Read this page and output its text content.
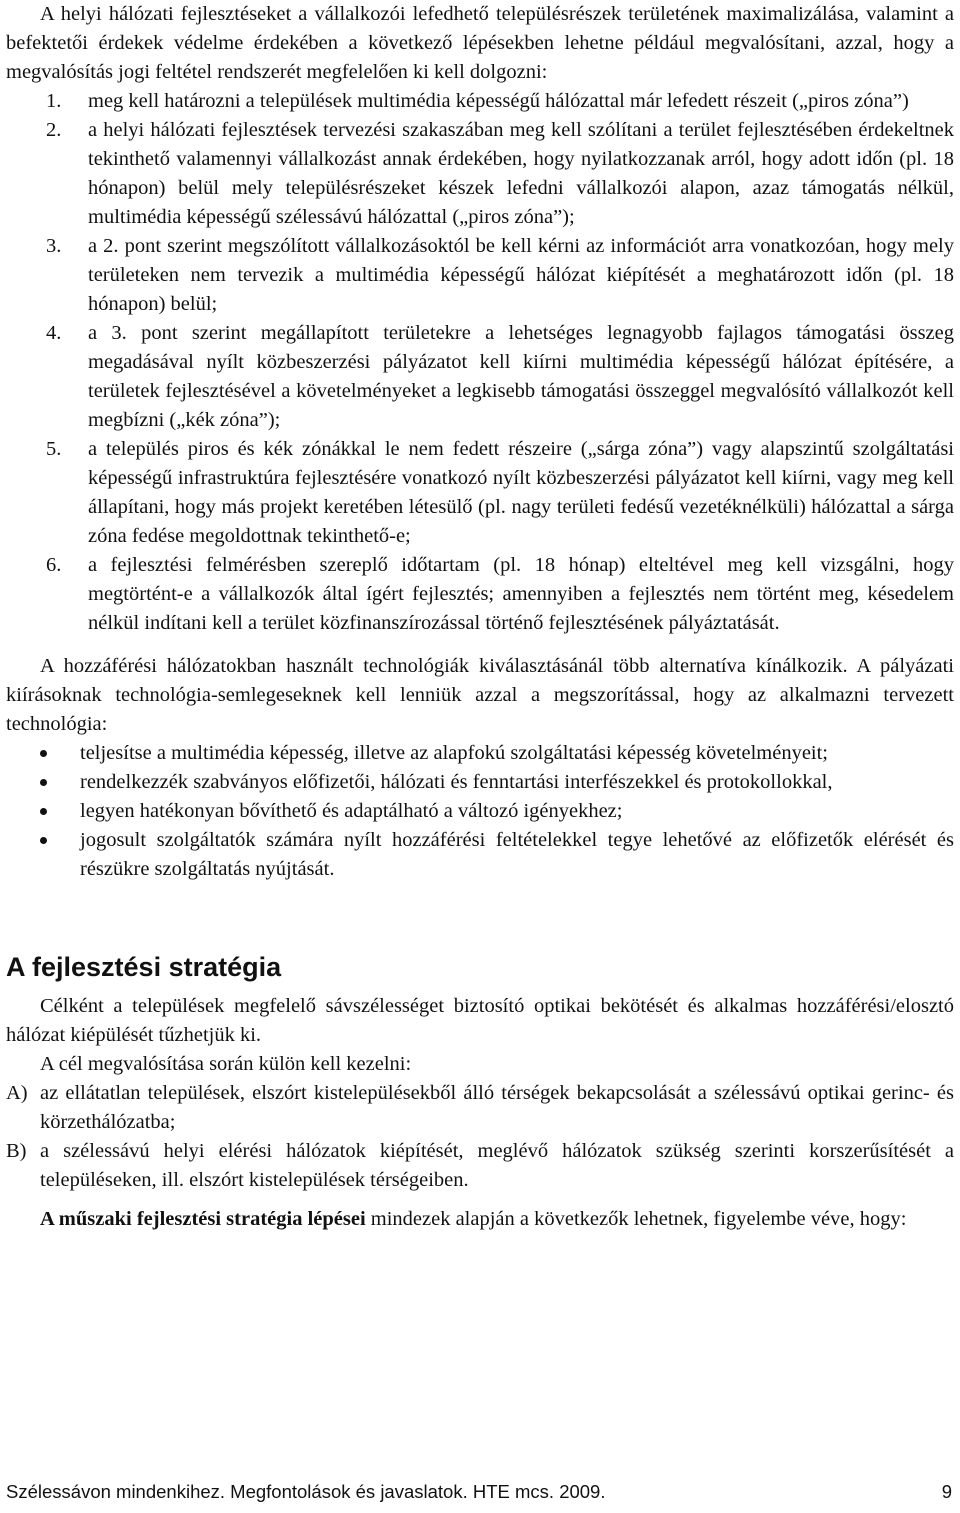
A helyi hálózati fejlesztéseket a vállalkozói lefedhető településrészek területének maximalizálása, valamint a befektetői érdekek védelme érdekében a következő lépésekben lehetne például megvalósítani, azzal, hogy a megvalósítás jogi feltétel rendszerét megfelelően ki kell dolgozni:

1. meg kell határozni a települések multimédia képességű hálózattal már lefedett részeit („piros zóna”)
2. a helyi hálózati fejlesztések tervezési szakaszában meg kell szólítani a terület fejlesztésében érdekeltnek tekinthető valamennyi vállalkozást annak érdekében, hogy nyilatkozzanak arról, hogy adott időn (pl. 18 hónapon) belül mely településrészeket készek lefedni vállalkozói alapon, azaz támogatás nélkül, multimédia képességű szélessávú hálózattal („piros zóna”);
3. a 2. pont szerint megszólított vállalkozásoktól be kell kérni az információt arra vonatkozóan, hogy mely területeken nem tervezik a multimédia képességű hálózat kiépítését a meghatározott időn (pl. 18 hónapon) belül;
4. a 3. pont szerint megállapított területekre a lehetséges legnagyobb fajlagos támogatási összeg megadásával nyílt közbeszerzési pályázatot kell kiírni multimédia képességű hálózat építésére, a területek fejlesztésével a követelményeket a legkisebb támogatási összeggel megvalósító vállalkozót kell megbízni („kék zóna”);
5. a település piros és kék zónákkal le nem fedett részeire („sárga zóna”) vagy alapszintű szolgáltatási képességű infrastruktúra fejlesztésére vonatkozó nyílt közbeszerzési pályázatot kell kiírni, vagy meg kell állapítani, hogy más projekt keretében létesülő (pl. nagy területi fedésű vezetéknélküli) hálózattal a sárga zóna fedése megoldottnak tekinthető-e;
6. a fejlesztési felmérésben szereplő időtartam (pl. 18 hónap) elteltével meg kell vizsgálni, hogy megtörtént-e a vállalkozók által ígért fejlesztés; amennyiben a fejlesztés nem történt meg, késedelem nélkül indítani kell a terület közfinanszírozással történő fejlesztésének pályáztatását.

A hozzáférési hálózatokban használt technológiák kiválasztásánál több alternatíva kínálkozik. A pályázati kiírásoknak technológia-semlegeseknek kell lenniük azzal a megszorítással, hogy az alkalmazni tervezett technológia:

teljesítse a multimédia képesség, illetve az alapfokú szolgáltatási képesség követelményeit;
rendelkezzék szabványos előfizetői, hálózati és fenntartási interfészekkel és protokollokkal,
legyen hatékonyan bővíthető és adaptálható a változó igényekhez;
jogosult szolgáltatók számára nyílt hozzáférési feltételekkel tegye lehetővé az előfizetők elérését és részükre szolgáltatás nyújtását.
A fejlesztési stratégia

Célként a települések megfelelő sávszélességet biztosító optikai bekötését és alkalmas hozzáférési/elosztó hálózat kiépülését tűzhetjük ki.

A cél megvalósítása során külön kell kezelni:

A) az ellátatlan települések, elszórt kistelepülésekből álló térségek bekapcsolását a szélessávú optikai gerinc- és körzethálózatba;
B) a szélessávú helyi elérési hálózatok kiépítését, meglévő hálózatok szükség szerinti korszerűsítését a településeken, ill. elszórt kistelepülések térségeiben.

A műszaki fejlesztési stratégia lépései mindezek alapján a következők lehetnek, figyelembe véve, hogy:

Szélessávon mindenkihez. Megfontolások és javaslatok. HTE mcs. 2009.	9
